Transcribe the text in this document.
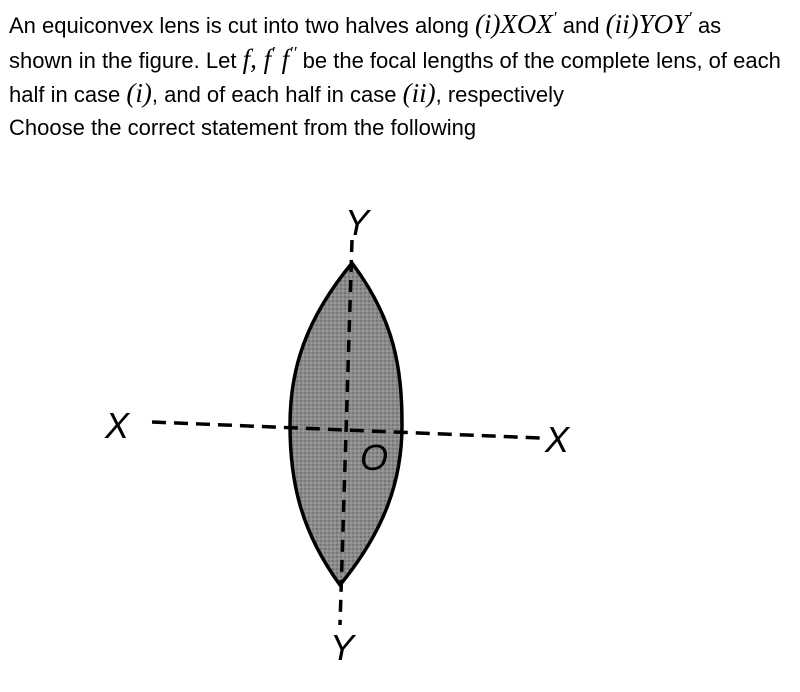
An equiconvex lens is cut into two halves along (i)XOX′ and (ii)YOY′ as shown in the figure. Let f, f′ f′′ be the focal lengths of the complete lens, of each half in case (i), and of each half in case (ii), respectively
Choose the correct statement from the following
Y
Y
X	X
O
